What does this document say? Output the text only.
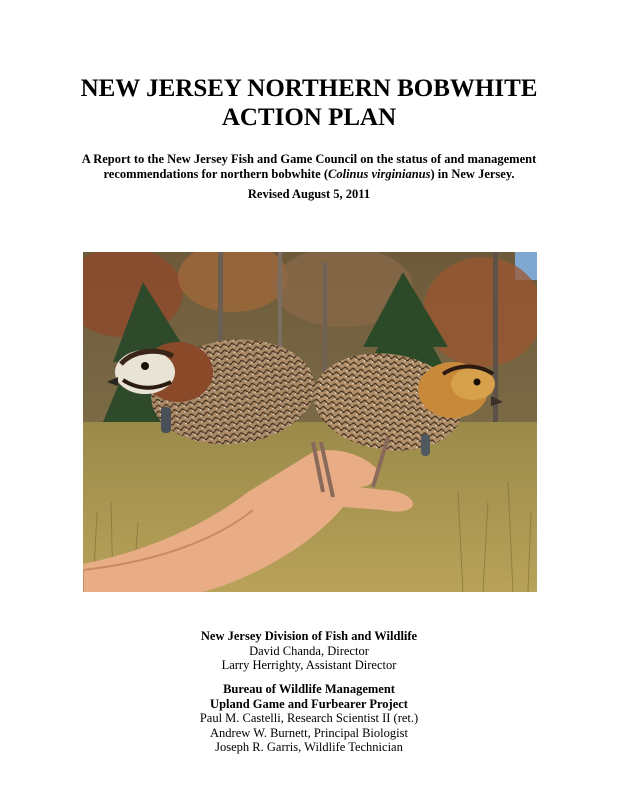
NEW JERSEY NORTHERN BOBWHITE
ACTION PLAN
A Report to the New Jersey Fish and Game Council on the status of and management recommendations for northern bobwhite (Colinus virginianus) in New Jersey.
Revised August 5, 2011
New Jersey Division of Fish and Wildlife
David Chanda, Director
Larry Herrighty, Assistant Director
Bureau of Wildlife Management
Upland Game and Furbearer Project
Paul M. Castelli, Research Scientist II (ret.)
Andrew W. Burnett, Principal Biologist
Joseph R. Garris, Wildlife Technician
